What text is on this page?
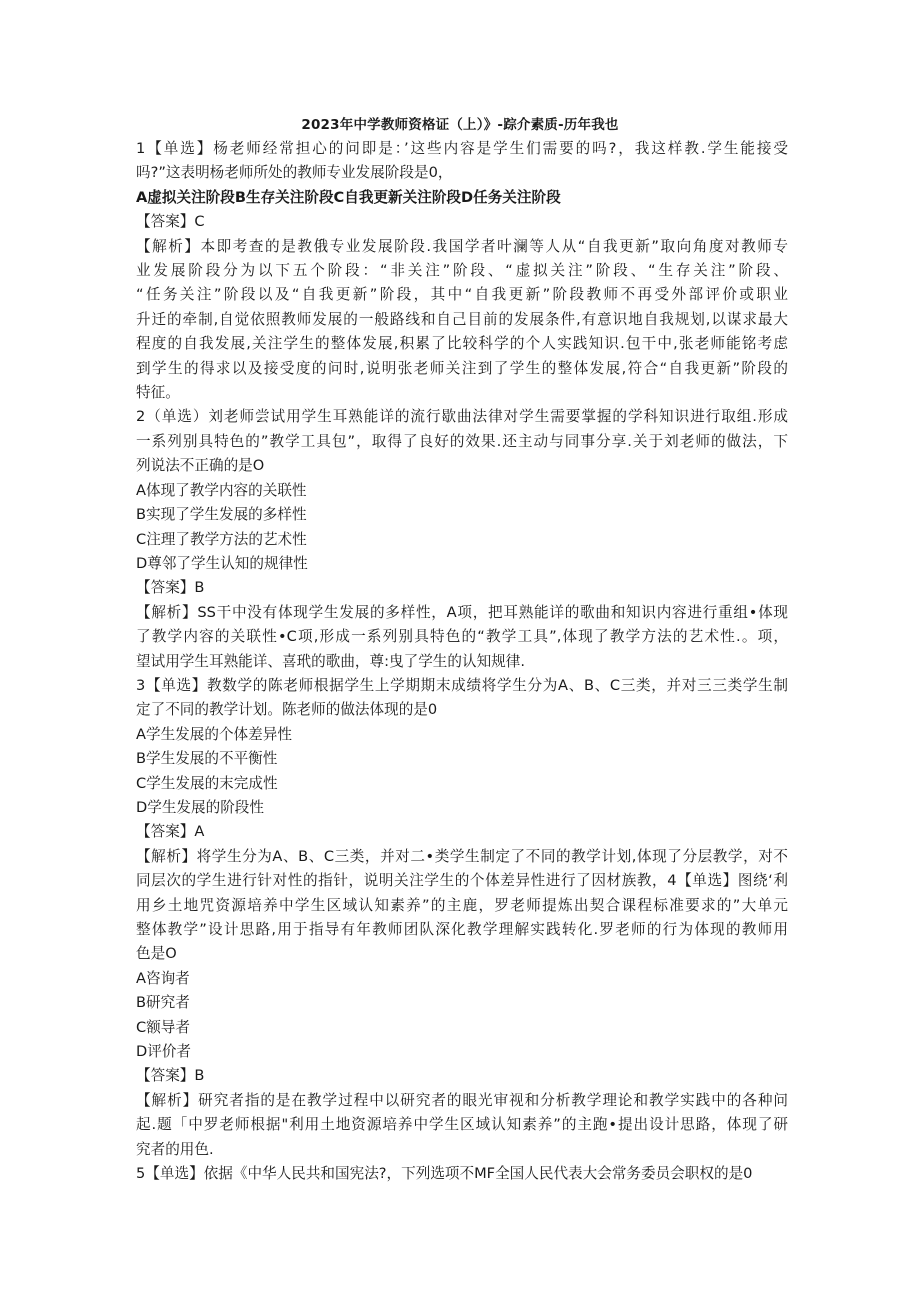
2023年中学教师资格证（上）》-踪介素质-历年我也

1【单选】杨老师经常担心的问即是：’这些内容是学生们需要的吗?，我这样教.学生能接受

吗?”这表明杨老师所处的教师专业发展阶段是0，

A虚拟关注阶段B生存关注阶段C自我更新关注阶段D任务关注阶段

【答案】C

【解析】本即考查的是教俄专业发展阶段.我国学者叶澜等人从“自我更新”取向角度对教师专

业发展阶段分为以下五个阶段：“非关注”阶段、“虚拟关注”阶段、“生存关注”阶段、

“任务关注”阶段以及“自我更新”阶段，其中“自我更新”阶段教师不再受外部评价或职业

升迁的牵制,自觉依照教师发展的一般路线和自己目前的发展条件,有意识地自我规划,以谋求最大

程度的自我发展,关注学生的整体发展,积累了比较科学的个人实践知识.包干中,张老师能铭考虑

到学生的得求以及接受度的问时,说明张老师关注到了学生的整体发展,符合“自我更新”阶段的

特征。

2（单选）刘老师尝试用学生耳熟能详的流行歇曲法律对学生需要掌握的学科知识进行取组.形成

一系列别具特色的”教学工具包”，取得了良好的效果.还主动与同事分享.关于刘老师的做法，下

列说法不正确的是O

A体现了教学内容的关联性

B实现了学生发展的多样性

C注理了教学方法的艺术性

D尊邻了学生认知的规律性

【答案】B

【解析】SS干中没有体现学生发展的多样性，A项，把耳熟能详的歌曲和知识内容进行重组•体现

了教学内容的关联性•C项,形成一系列别具特色的“教学工具”,体现了教学方法的艺术性.。项，

望试用学生耳熟能详、喜玳的歌曲，尊:曳了学生的认知规律.

3【单选】教数学的陈老师根据学生上学期期末成绩将学生分为A、B、C三类，并对三三类学生制

定了不同的教学计划。陈老师的做法体现的是0

A学生发展的个体差异性

B学生发展的不平衡性

C学生发展的末完成性

D学生发展的阶段性

【答案】A

【解析】将学生分为A、B、C三类，并对二•类学生制定了不同的教学计划,体现了分层教学，对不

同层次的学生进行针对性的指针，说明关注学生的个体差异性进行了因材族教，4【单选】图绕‘利

用乡土地咒资源培养中学生区域认知素养”的主鹿，罗老师提炼出契合课程标准要求的”大单元

整体教学”设计思路,用于指导有年教师团队深化教学理解实践转化.罗老师的行为体现的教师用

色是O

A咨询者

B研究者

C额导者

D评价者

【答案】B

【解析】研究者指的是在教学过程中以研究者的眼光审视和分析教学理论和教学实践中的各种问

起.题「中罗老师根据"利用土地资源培养中学生区域认知素养”的主跑•提出设计思路，体现了研

究者的用色.

5【单选】依据《中华人民共和国宪法?，下列选项不MF全国人民代表大会常务委员会职权的是0
